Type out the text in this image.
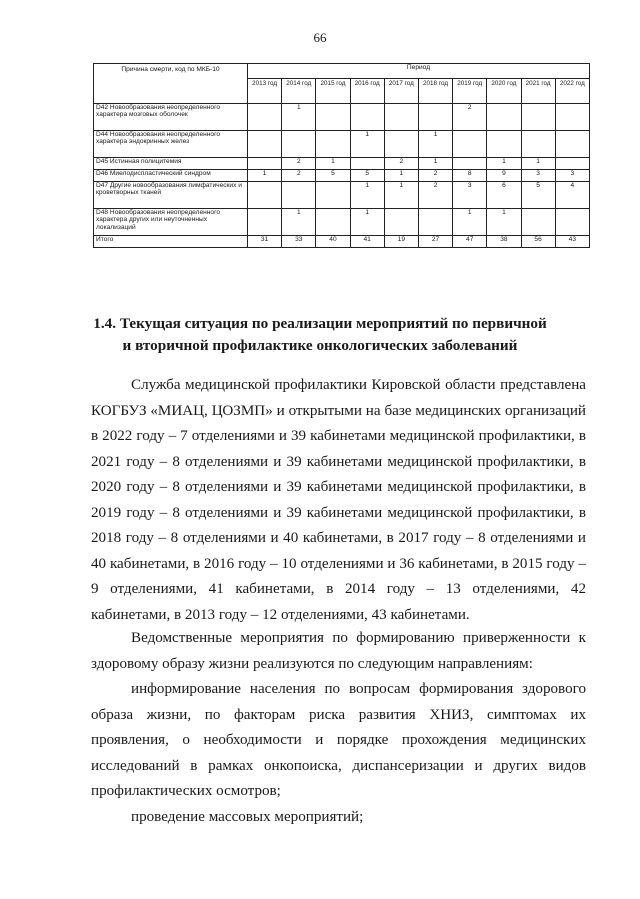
66
Причина смерти, код по МКБ-10	Период									
	2013 год	2014 год	2015 год	2016 год	2017 год	2018 год	2019 год	2020 год	2021 год	2022 год
D42 Новообразования неопределенного характера мозговых оболочек		1					2			
D44 Новообразования неопределенного характера эндокринных желез				1		1				
D45 Истинная полицитемия		2	1		2	1		1	1	
D46 Миелодиспластический синдром	1	2	5	5	1	2	8	9	3	3
D47 Другие новообразования лимфатических и кроветворных тканей				1	1	2	3	6	5	4
D48 Новообразования неопределенного характера других или неуточненных локализаций		1		1			1	1		
Итого	31	33	40	41	19	27	47	38	56	43
1.4. Текущая ситуация по реализации мероприятий по первичной
и вторичной профилактике онкологических заболеваний

Служба медицинской профилактики Кировской области представлена КОГБУЗ «МИАЦ, ЦОЗМП» и открытыми на базе медицинских организаций в 2022 году – 7 отделениями и 39 кабинетами медицинской профилактики, в 2021 году – 8 отделениями и 39 кабинетами медицинской профилактики, в 2020 году – 8 отделениями и 39 кабинетами медицинской профилактики, в 2019 году – 8 отделениями и 39 кабинетами медицинской профилактики, в 2018 году – 8 отделениями и 40 кабинетами, в 2017 году – 8 отделениями и 40 кабинетами, в 2016 году – 10 отделениями и 36 кабинетами, в 2015 году – 9 отделениями, 41 кабинетами, в 2014 году – 13 отделениями, 42 кабинетами, в 2013 году – 12 отделениями, 43 кабинетами.

Ведомственные мероприятия по формированию приверженности к здоровому образу жизни реализуются по следующим направлениям:

информирование населения по вопросам формирования здорового образа жизни, по факторам риска развития ХНИЗ, симптомах их проявления, о необходимости и порядке прохождения медицинских исследований в рамках онкопоиска, диспансеризации и других видов профилактических осмотров;

проведение массовых мероприятий;
